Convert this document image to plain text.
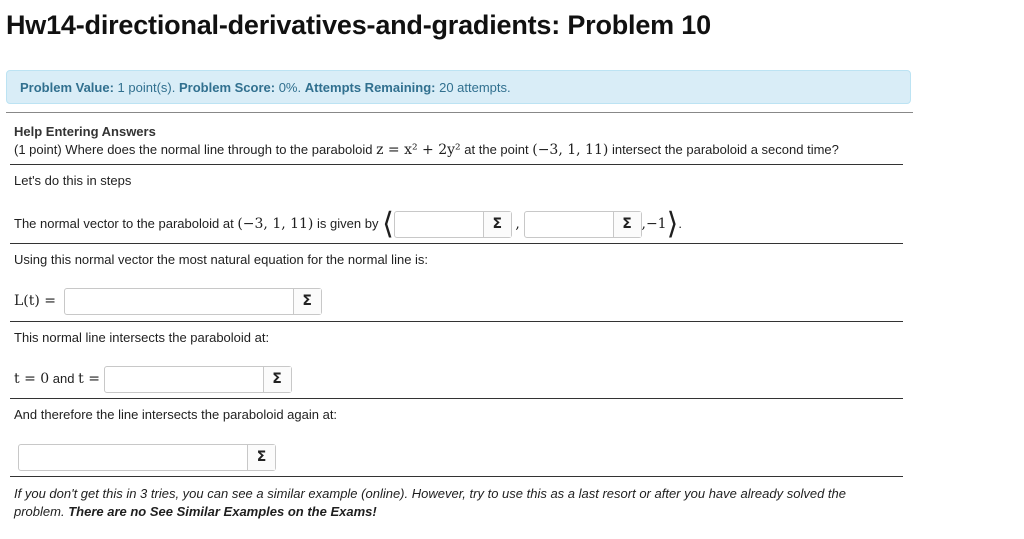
Hw14-directional-derivatives-and-gradients: Problem 10
Problem Value: 1 point(s). Problem Score: 0%. Attempts Remaining: 20 attempts.
Help Entering Answers
(1 point) Where does the normal line through to the paraboloid z = x² + 2y² at the point (−3, 1, 11) intersect the paraboloid a second time?
Let's do this in steps
The normal vector to the paraboloid at (−3, 1, 11) is given by ⟨	Σ ,	Σ ,−1⟩.
Using this normal vector the most natural equation for the normal line is:
L(t) =	Σ
This normal line intersects the paraboloid at:
t = 0 and t =	Σ
And therefore the line intersects the paraboloid again at:
Σ
If you don't get this in 3 tries, you can see a similar example (online). However, try to use this as a last resort or after you have already solved the problem. There are no See Similar Examples on the Exams!
